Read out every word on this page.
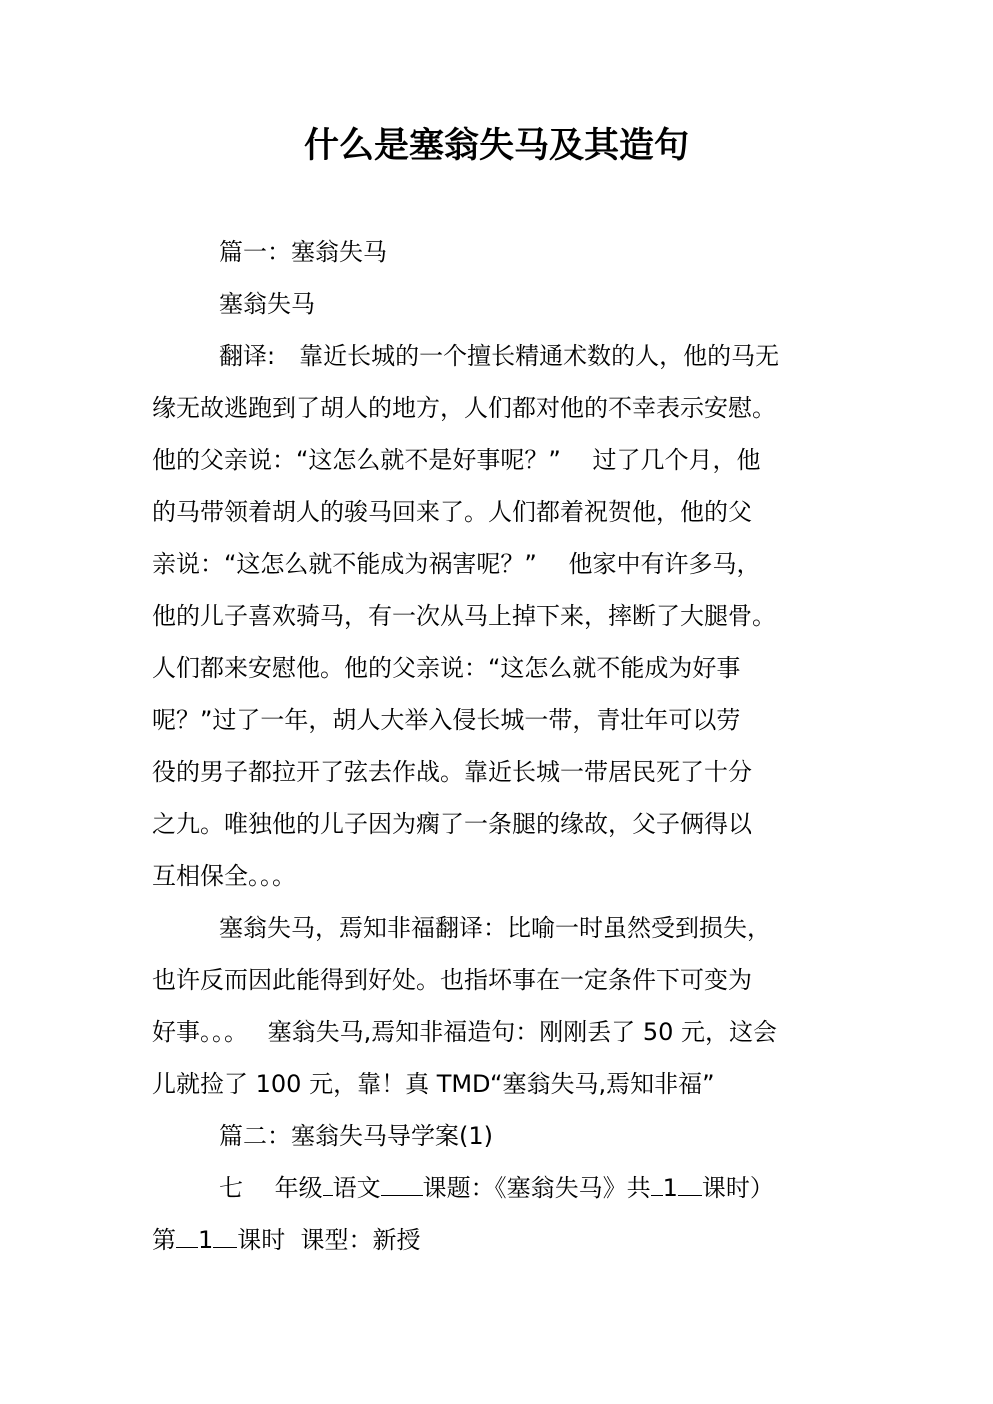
什么是塞翁失马及其造句

篇一：塞翁失马

塞翁失马

翻译:　靠近长城的一个擅长精通术数的人，他的马无
缘无故逃跑到了胡人的地方，人们都对他的不幸表示安慰。
他的父亲说：“这怎么就不是好事呢？”　 过了几个月，他
的马带领着胡人的骏马回来了。人们都着祝贺他，他的父
亲说：“这怎么就不能成为祸害呢？”　 他家中有许多马，
他的儿子喜欢骑马，有一次从马上掉下来，摔断了大腿骨。
人们都来安慰他。他的父亲说：“这怎么就不能成为好事
呢？”过了一年，胡人大举入侵长城一带，青壮年可以劳
役的男子都拉开了弦去作战。靠近长城一带居民死了十分
之九。唯独他的儿子因为瘸了一条腿的缘故，父子俩得以
互相保全。。。
塞翁失马，焉知非福翻译：比喻一时虽然受到损失，
也许反而因此能得到好处。也指坏事在一定条件下可变为
好事。。。　 塞翁失马,焉知非福造句：刚刚丢了 50 元，这会
儿就捡了 100 元，靠！真 TMD“塞翁失马,焉知非福”

篇二：塞翁失马导学案(1)

七　 年级 语文 课题：《塞翁失马》共 1 课时）
第 1 课时 课型：新授
